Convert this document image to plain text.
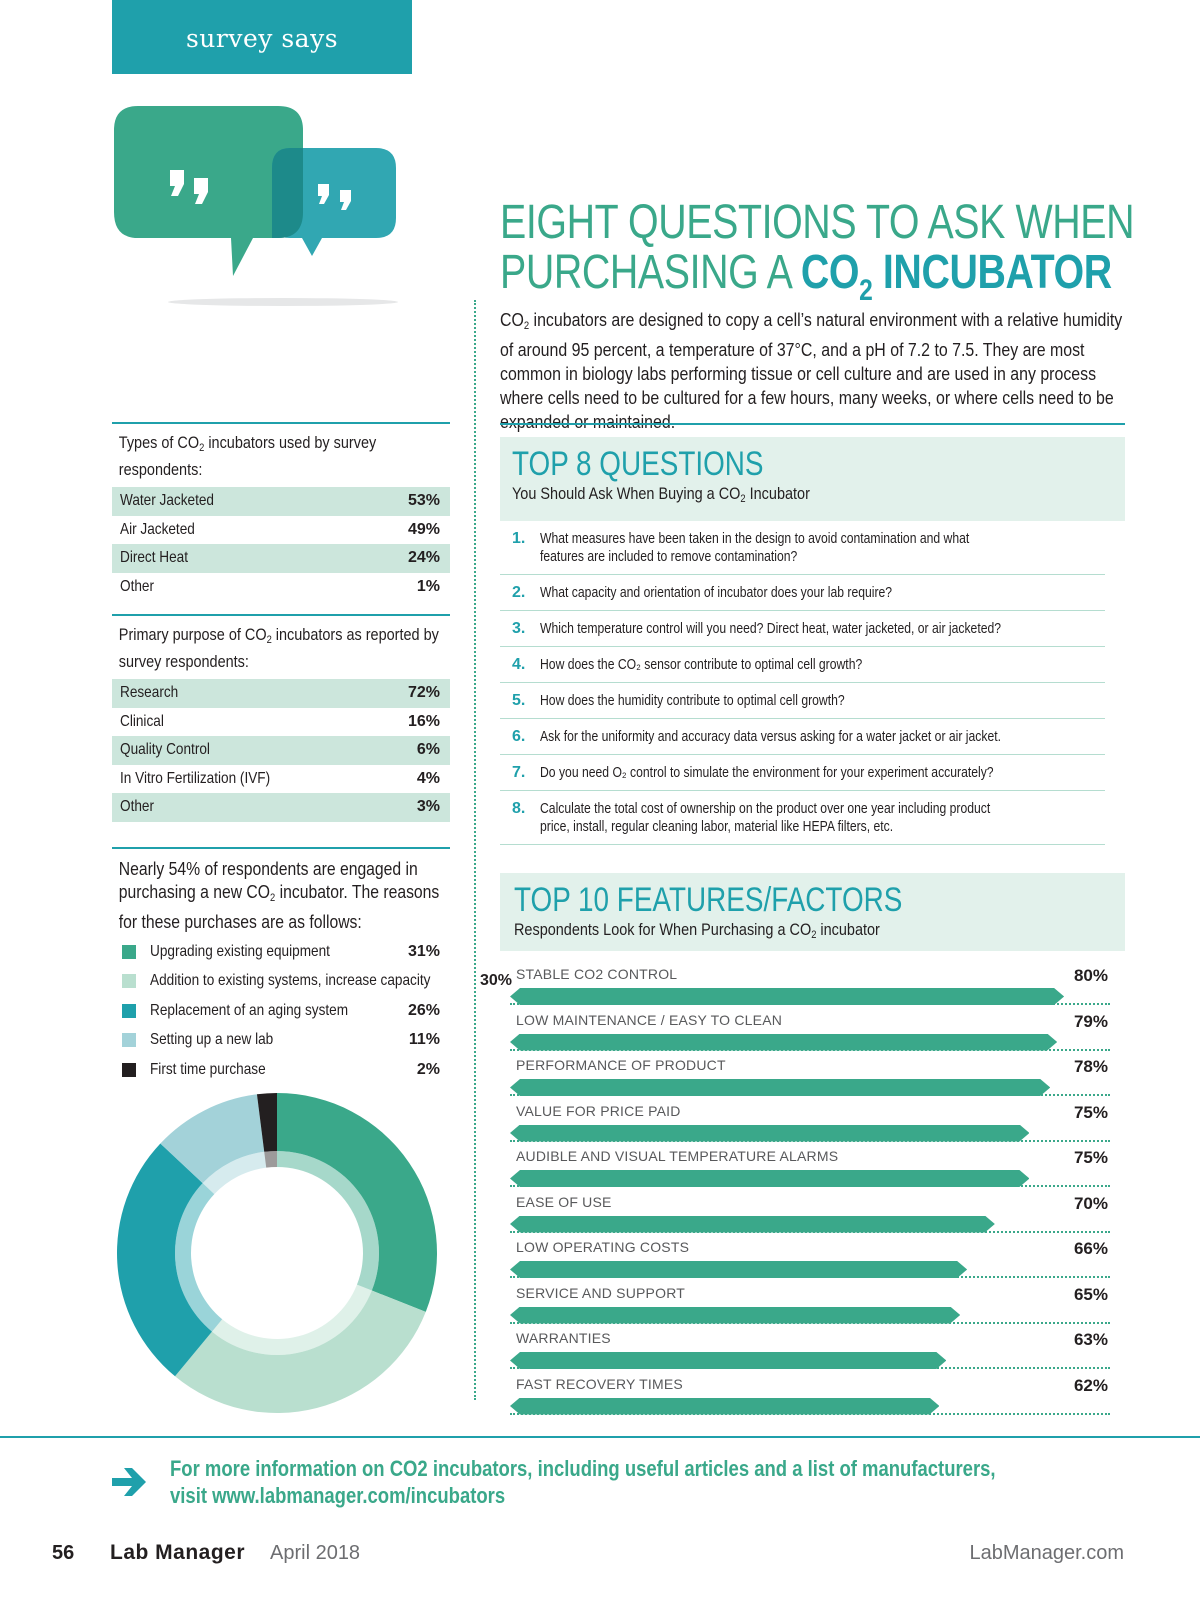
survey says
EIGHT QUESTIONS TO ASK WHEN
PURCHASING A $CO_2$ INCUBATOR
$CO_2$ incubators are designed to copy a cell’s natural environment with a relative humidity of around 95 percent, a temperature of 37°C, and a pH of 7.2 to 7.5. They are most common in biology labs performing tissue or cell culture and are used in any process where cells need to be cultured for a few hours, many weeks, or where cells need to be expanded or maintained.
Types of $CO_2$ incubators used by survey respondents:
Water Jacketed	53%
Air Jacketed	49%
Direct Heat	24%
Other	1%
Primary purpose of $CO_2$ incubators as reported by survey respondents:
Research	72%
Clinical	16%
Quality Control	6%
In Vitro Fertilization (IVF)	4%
Other	3%
Nearly 54% of respondents are engaged in purchasing a new $CO_2$ incubator. The reasons for these purchases are as follows:
Upgrading existing equipment	31%
Addition to existing systems, increase capacity	30%
Replacement of an aging system	26%
Setting up a new lab	11%
First time purchase	2%
TOP 8 QUESTIONS
You Should Ask When Buying a $CO_2$ Incubator
1.	What measures have been taken in the design to avoid contamination and what features are included to remove contamination?
2.	What capacity and orientation of incubator does your lab require?
3.	Which temperature control will you need? Direct heat, water jacketed, or air jacketed?
4.	How does the CO₂ sensor contribute to optimal cell growth?
5.	How does the humidity contribute to optimal cell growth?
6.	Ask for the uniformity and accuracy data versus asking for a water jacket or air jacket.
7.	Do you need O₂ control to simulate the environment for your experiment accurately?
8.	Calculate the total cost of ownership on the product over one year including product price, install, regular cleaning labor, material like HEPA filters, etc.
TOP 10 FEATURES/FACTORS
Respondents Look for When Purchasing a $CO_2$ incubator
STABLE CO2 CONTROL	80%
LOW MAINTENANCE / EASY TO CLEAN	79%
PERFORMANCE OF PRODUCT	78%
VALUE FOR PRICE PAID	75%
AUDIBLE AND VISUAL TEMPERATURE ALARMS	75%
EASE OF USE	70%
LOW OPERATING COSTS	66%
SERVICE AND SUPPORT	65%
WARRANTIES	63%
FAST RECOVERY TIMES	62%
For more information on CO2 incubators, including useful articles and a list of manufacturers,
visit www.labmanager.com/incubators
56 Lab Manager April 2018	LabManager.com
